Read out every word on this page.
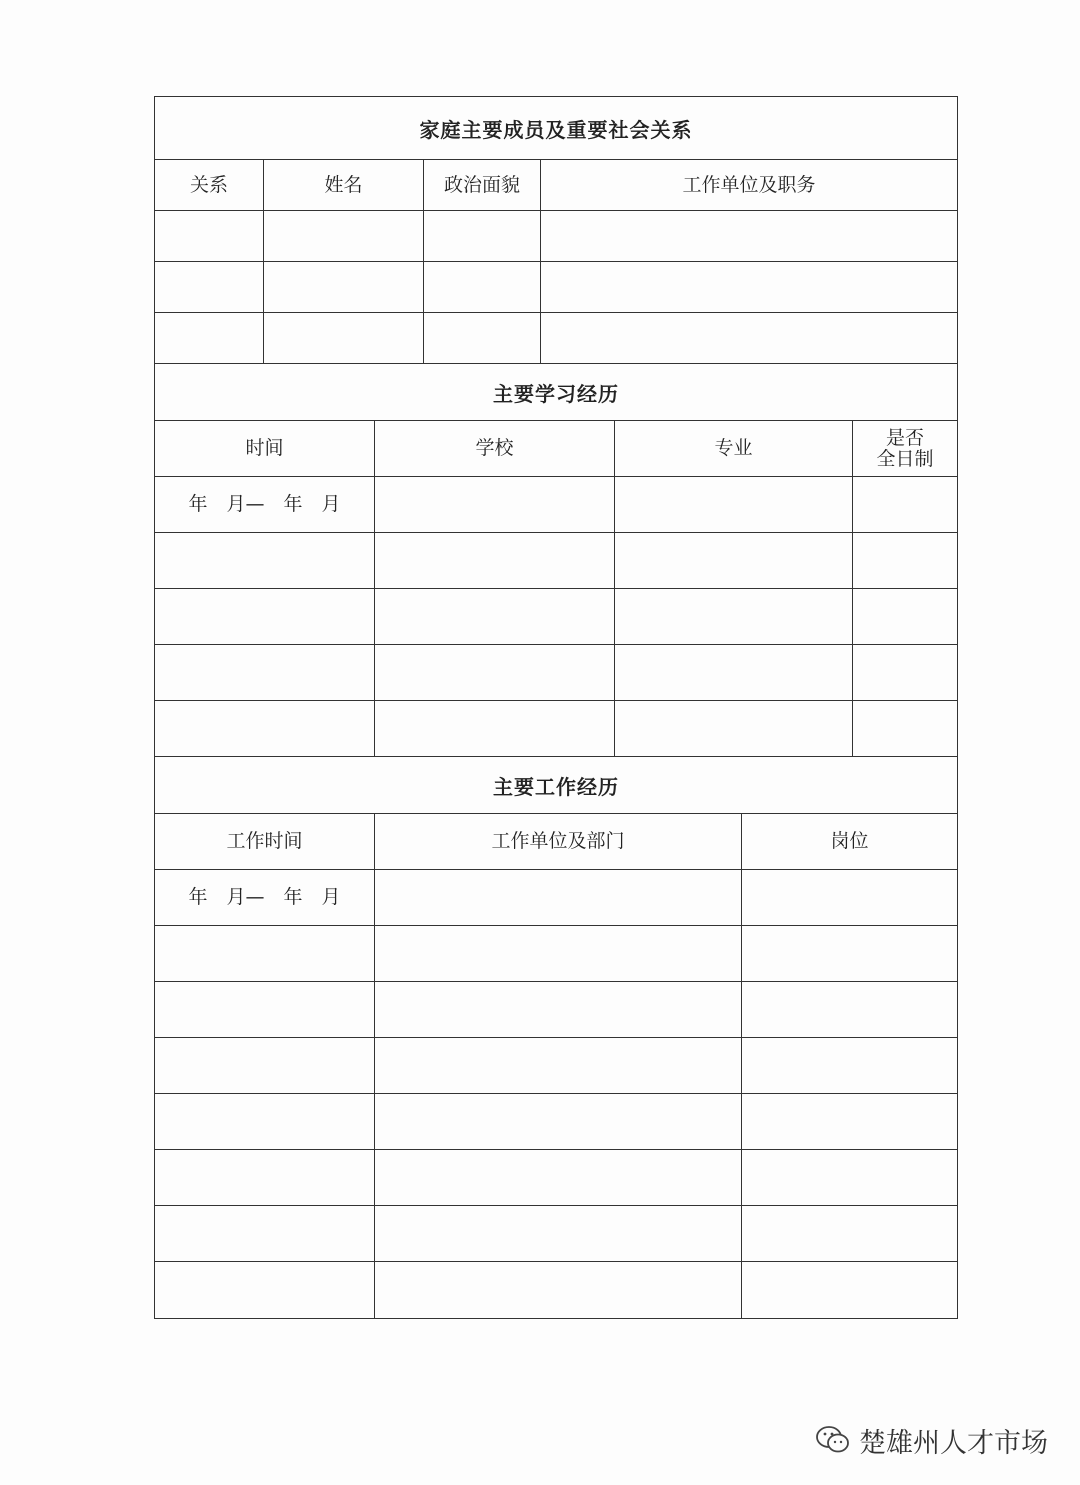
家庭主要成员及重要社会关系
关系	姓名	政治面貌	工作单位及职务
主要学习经历
时间	学校	专业	是否
全日制
年　月—　年　月
主要工作经历
工作时间	工作单位及部门	岗位
年　月—　年　月
楚雄州人才市场
